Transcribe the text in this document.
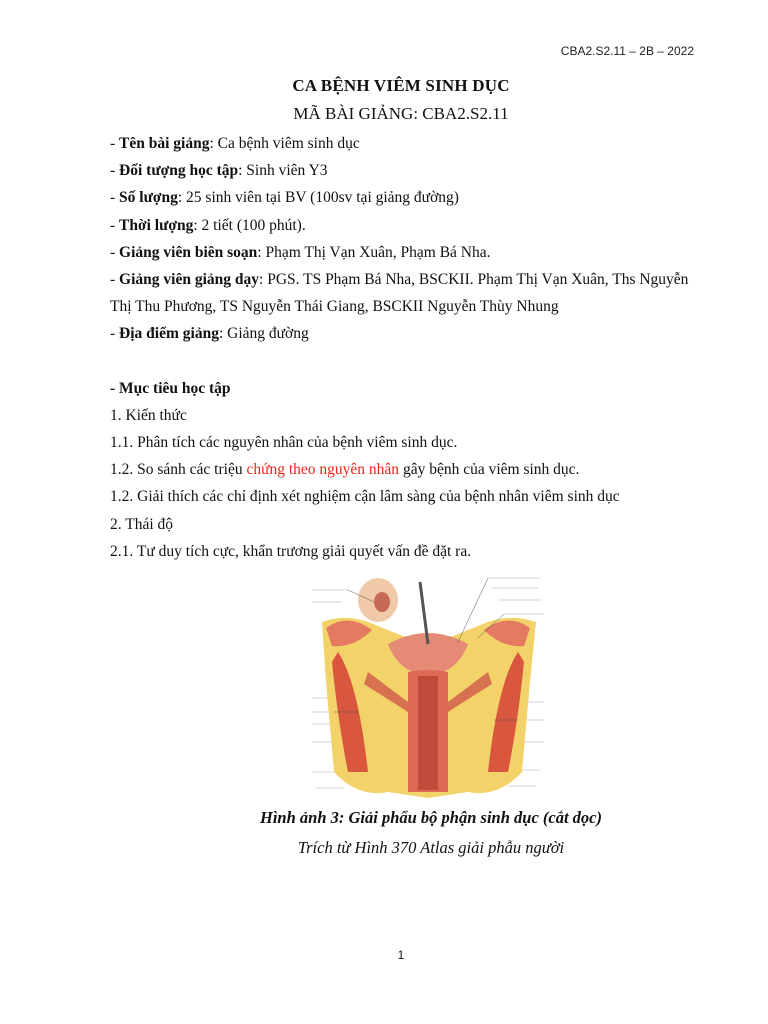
CBA2.S2.11 – 2B – 2022
CA BỆNH VIÊM SINH DỤC
MÃ BÀI GIẢNG: CBA2.S2.11
- Tên bài giảng: Ca bệnh viêm sinh dục
- Đối tượng học tập: Sinh viên Y3
- Số lượng: 25 sinh viên tại BV (100sv tại giảng đường)
- Thời lượng: 2 tiết (100 phút).
- Giảng viên biên soạn: Phạm Thị Vạn Xuân, Phạm Bá Nha.
- Giảng viên giảng dạy: PGS. TS Phạm Bá Nha, BSCKII. Phạm Thị Vạn Xuân, Ths Nguyễn Thị Thu Phương, TS Nguyễn Thái Giang, BSCKII Nguyễn Thùy Nhung
- Địa điểm giảng: Giảng đường
- Mục tiêu học tập
1. Kiến thức
1.1. Phân tích các nguyên nhân của bệnh viêm sinh dục.
1.2. So sánh các triệu chứng theo nguyên nhân gây bệnh của viêm sinh dục.
1.2. Giải thích các chỉ định xét nghiệm cận lâm sàng của bệnh nhân viêm sinh dục
2. Thái độ
2.1. Tư duy tích cực, khẩn trương giải quyết vấn đề đặt ra.
Hình ảnh 3: Giải phẩu bộ phận sinh dục (cắt dọc)
Trích từ Hình 370 Atlas giải phẫu người
1
